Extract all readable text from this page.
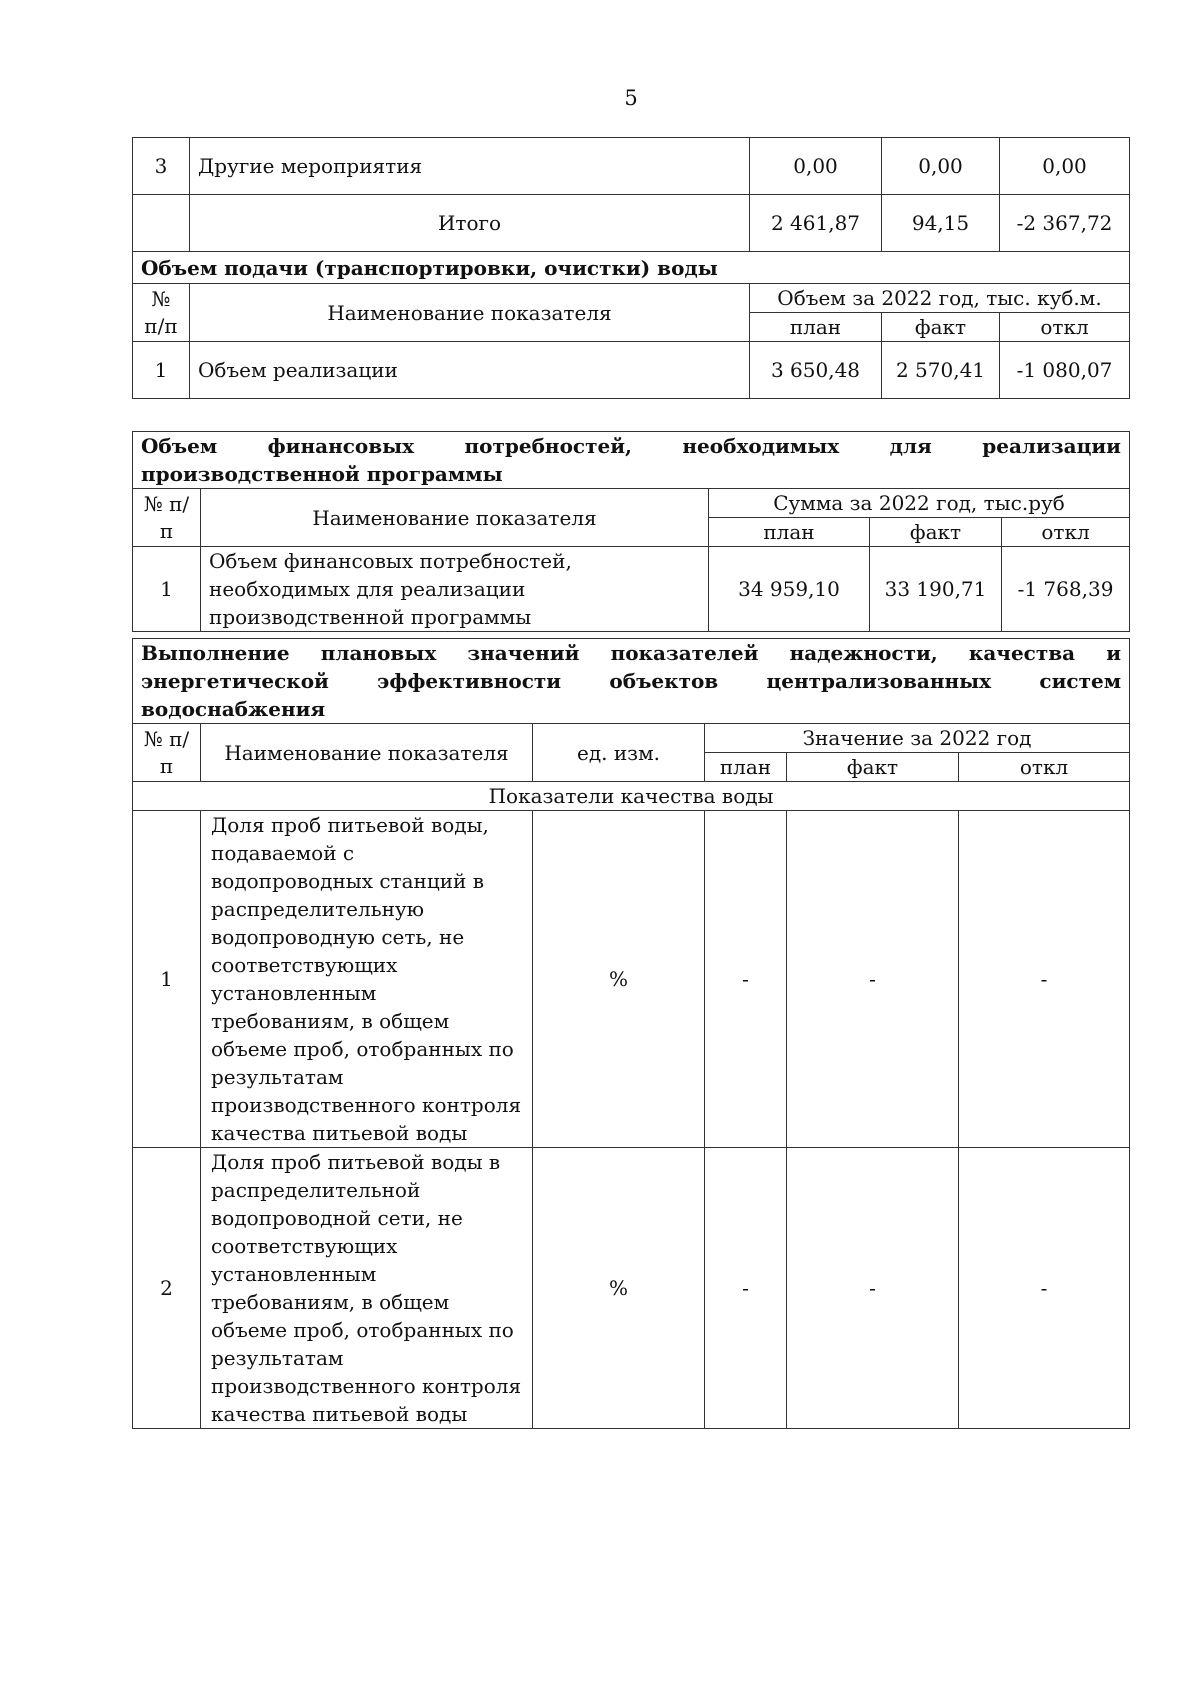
5
3	Другие мероприятия	0,00	0,00	0,00
	Итого	2 461,87	94,15	-2 367,72
Объем подачи (транспортировки, очистки) воды				
№ п/п	Наименование показателя	Объем за 2022 год, тыс. куб.м.		
		план	факт	откл
1	Объем реализации	3 650,48	2 570,41	-1 080,07
Объем финансовых потребностей, необходимых для реализации производственной программы				
№ п/п	Наименование показателя	Сумма за 2022 год, тыс.руб		
		план	факт	откл
1	Объем финансовых потребностей, необходимых для реализации производственной программы	34 959,10	33 190,71	-1 768,39
Выполнение плановых значений показателей надежности, качества и энергетической эффективности объектов централизованных систем водоснабжения					
№ п/п	Наименование показателя	ед. изм.	Значение за 2022 год		
			план	факт	откл
Показатели качества воды					
1	Доля проб питьевой воды, подаваемой с водопроводных станций в распределительную водопроводную сеть, не соответствующих установленным требованиям, в общем объеме проб, отобранных по результатам производственного контроля качества питьевой воды	%	-	-	-
2	Доля проб питьевой воды в распределительной водопроводной сети, не соответствующих установленным требованиям, в общем объеме проб, отобранных по результатам производственного контроля качества питьевой воды	%	-	-	-
